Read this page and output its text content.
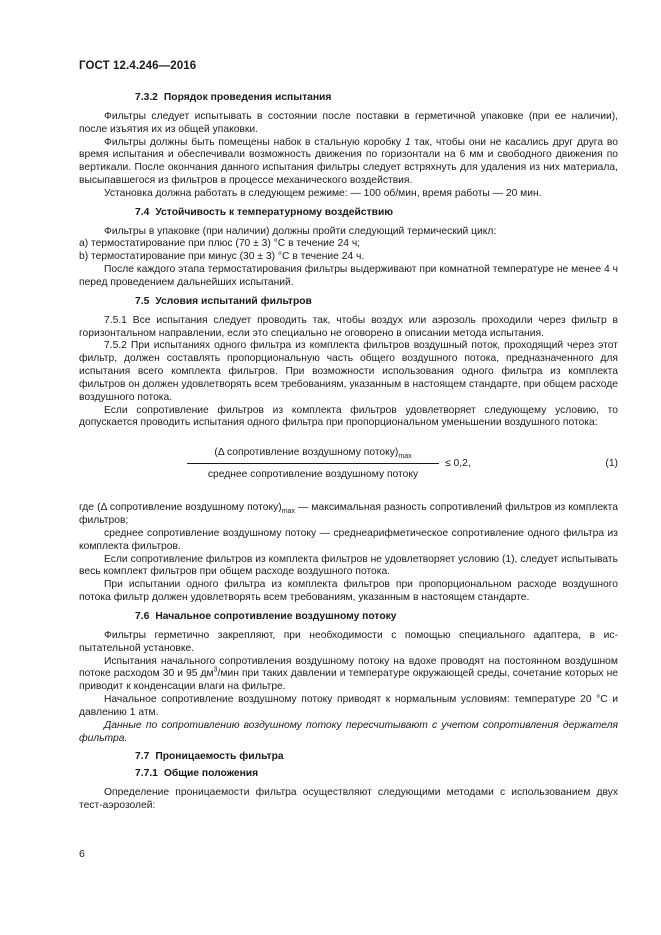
ГОСТ 12.4.246—2016
7.3.2 Порядок проведения испытания

Фильтры следует испытывать в состоянии после поставки в герметичной упаковке (при ее наличии), после изъятия их из общей упаковки.

Фильтры должны быть помещены набок в стальную коробку 1 так, чтобы они не касались друг друга во время испытания и обеспечивали возможность движения по горизонтали на 6 мм и свободного движения по вертикали. После окончания данного испытания фильтры следует встряхнуть для удаления из них материала, высыпавшегося из фильтров в процессе механического воздействия.

Установка должна работать в следующем режиме: — 100 об/мин, время работы — 20 мин.

7.4 Устойчивость к температурному воздействию

Фильтры в упаковке (при наличии) должны пройти следующий термический цикл:

a) термостатирование при плюс (70 ± 3) °С в течение 24 ч;

b) термостатирование при минус (30 ± 3) °С в течение 24 ч.

После каждого этапа термостатирования фильтры выдерживают при комнатной температуре не менее 4 ч перед проведением дальнейших испытаний.

7.5 Условия испытаний фильтров

7.5.1 Все испытания следует проводить так, чтобы воздух или аэрозоль проходили через фильтр в горизонтальном направлении, если это специально не оговорено в описании метода испытания.

7.5.2 При испытаниях одного фильтра из комплекта фильтров воздушный поток, проходящий через этот фильтр, должен составлять пропорциональную часть общего воздушного потока, предназначенного для испытания всего комплекта фильтров. При возможности использования одного фильтра из комплекта фильтров он должен удовлетворять всем требованиям, указанным в настоящем стандарте, при общем расходе воздушного потока.

Если сопротивление фильтров из комплекта фильтров удовлетворяет следующему условию, то допускается проводить испытания одного фильтра при пропорциональном уменьшении воздушного потока:

(Δ сопротивление воздушному $потоку)_{max}$
среднее сопротивление воздушному потоку
≤ 0,2,	(1)

где (Δ сопротивление воздушному $потоку)_{max}$ — максимальная разность сопротивлений фильтров из комплекта фильтров;

среднее сопротивление воздушному потоку — среднеарифметическое сопротивление одного фильтра из комплекта фильтров.

Если сопротивление фильтров из комплекта фильтров не удовлетворяет условию (1), следует испытывать весь комплект фильтров при общем расходе воздушного потока.

При испытании одного фильтра из комплекта фильтров при пропорциональном расходе воздушного потока фильтр должен удовлетворять всем требованиям, указанным в настоящем стандарте.

7.6 Начальное сопротивление воздушному потоку

Фильтры герметично закрепляют, при необходимости с помощью специального адаптера, в испытательной установке.

Испытания начального сопротивления воздушному потоку на вдохе проводят на постоянном воздушном потоке расходом 30 и 95 $дм^3$/мин при таких давлении и температуре окружающей среды, сочетание которых не приводит к конденсации влаги на фильтре.

Начальное сопротивление воздушному потоку приводят к нормальным условиям: температуре 20 °С и давлению 1 атм.

Данные по сопротивлению воздушному потоку пересчитывают с учетом сопротивления держателя фильтра.

7.7 Проницаемость фильтра
7.7.1 Общие положения

Определение проницаемости фильтра осуществляют следующими методами с использованием двух тест-аэрозолей:

6
